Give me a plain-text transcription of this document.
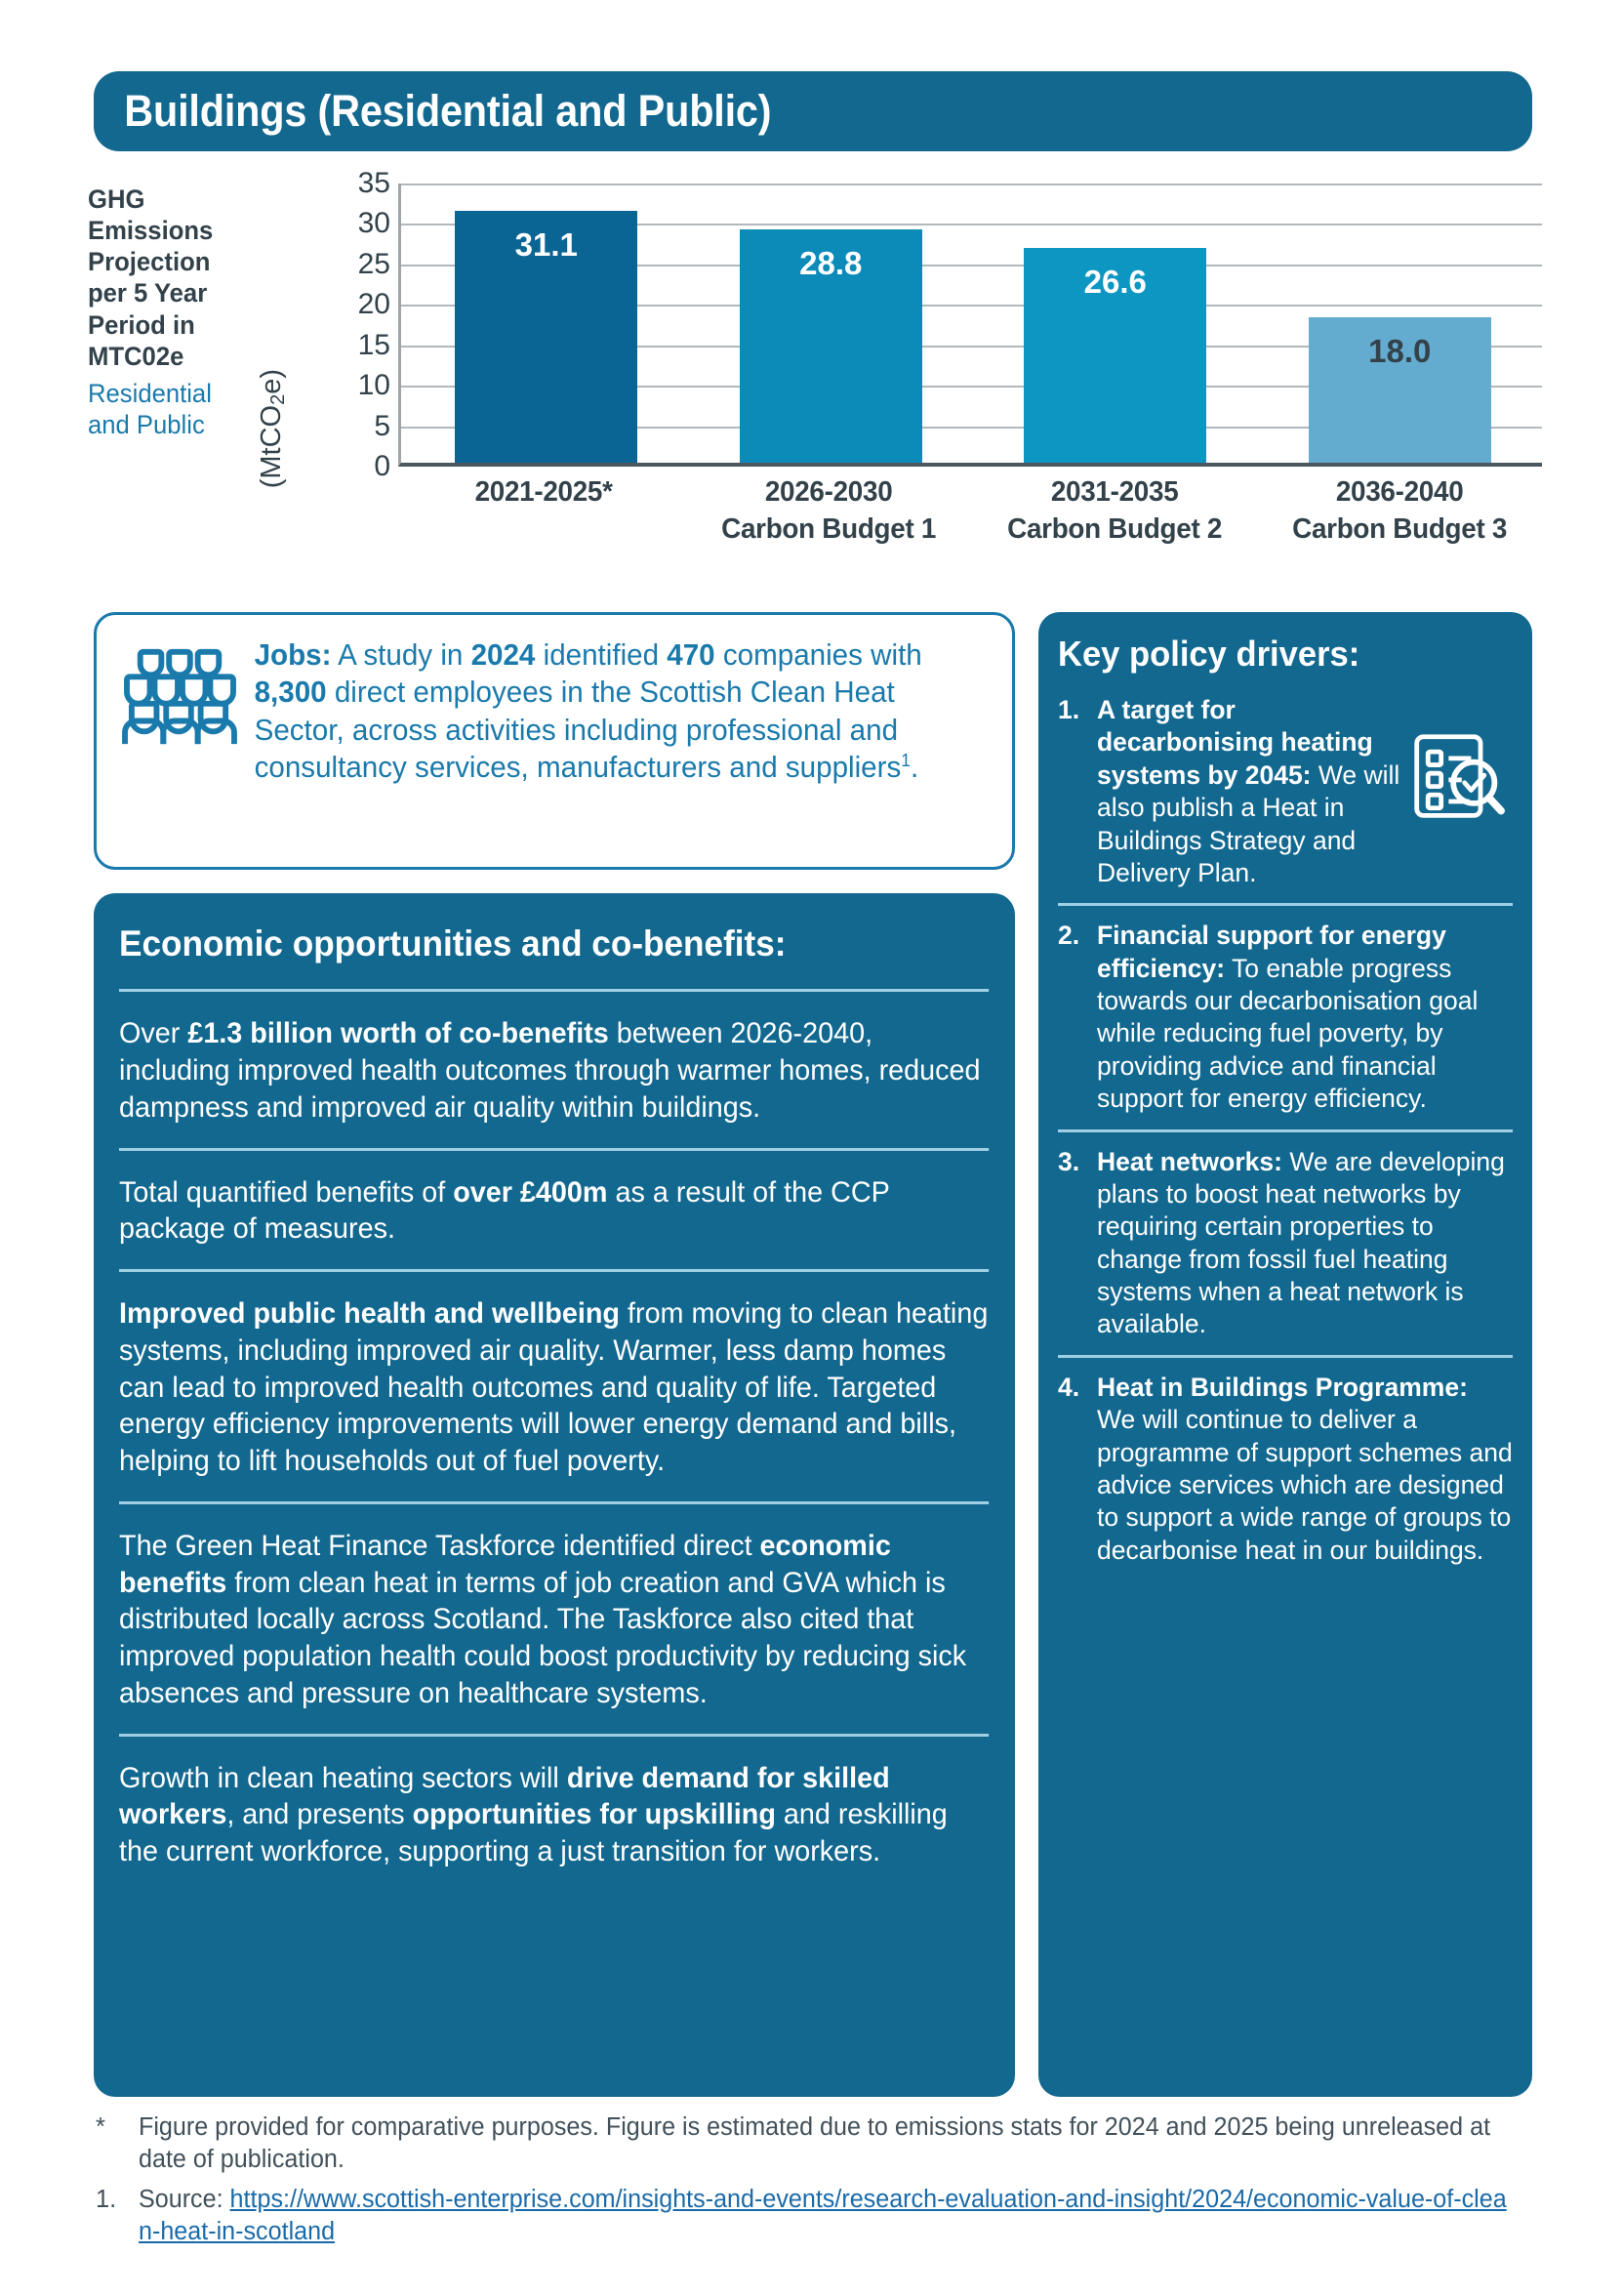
Buildings (Residential and Public)
GHG Emissions Projection per 5 Year Period in MTC02e
Residential and Public	(MtCO$_2$e)
0
5
10
15
20
25
30
35
31.1
28.8	26.6
18.0
2021-2025*	2026-2030
Carbon Budget 1
2031-2035
Carbon Budget 2
2036-2040
Carbon Budget 3
Jobs: A study in 2024 identified 470 companies with 8,300 direct employees in the Scottish Clean Heat Sector, across activities including professional and consultancy services, manufacturers and suppliers$^1$.
Economic opportunities and co-benefits:
Over £1.3 billion worth of co-benefits between 2026-2040, including improved health outcomes through warmer homes, reduced dampness and improved air quality within buildings.
Total quantified benefits of over £400m as a result of the CCP package of measures.
Improved public health and wellbeing from moving to clean heating systems, including improved air quality. Warmer, less damp homes can lead to improved health outcomes and quality of life. Targeted energy efficiency improvements will lower energy demand and bills, helping to lift households out of fuel poverty.
The Green Heat Finance Taskforce identified direct economic benefits from clean heat in terms of job creation and GVA which is distributed locally across Scotland. The Taskforce also cited that improved population health could boost productivity by reducing sick absences and pressure on healthcare systems.
Growth in clean heating sectors will drive demand for skilled workers, and presents opportunities for upskilling and reskilling the current workforce, supporting a just transition for workers.
Key policy drivers:
1. A target for decarbonising heating systems by 2045: We will also publish a Heat in Buildings Strategy and Delivery Plan.
2. Financial support for energy efficiency: To enable progress towards our decarbonisation goal while reducing fuel poverty, by providing advice and financial support for energy efficiency.
3. Heat networks: We are developing plans to boost heat networks by requiring certain properties to change from fossil fuel heating systems when a heat network is available.
4. Heat in Buildings Programme: We will continue to deliver a programme of support schemes and advice services which are designed to support a wide range of groups to decarbonise heat in our buildings.
*	Figure provided for comparative purposes. Figure is estimated due to emissions stats for 2024 and 2025 being unreleased at date of publication.
1. Source: https://www.scottish-enterprise.com/insights-and-events/research-evaluation-and-insight/2024/economic-value-of-clean-heat-in-scotland
